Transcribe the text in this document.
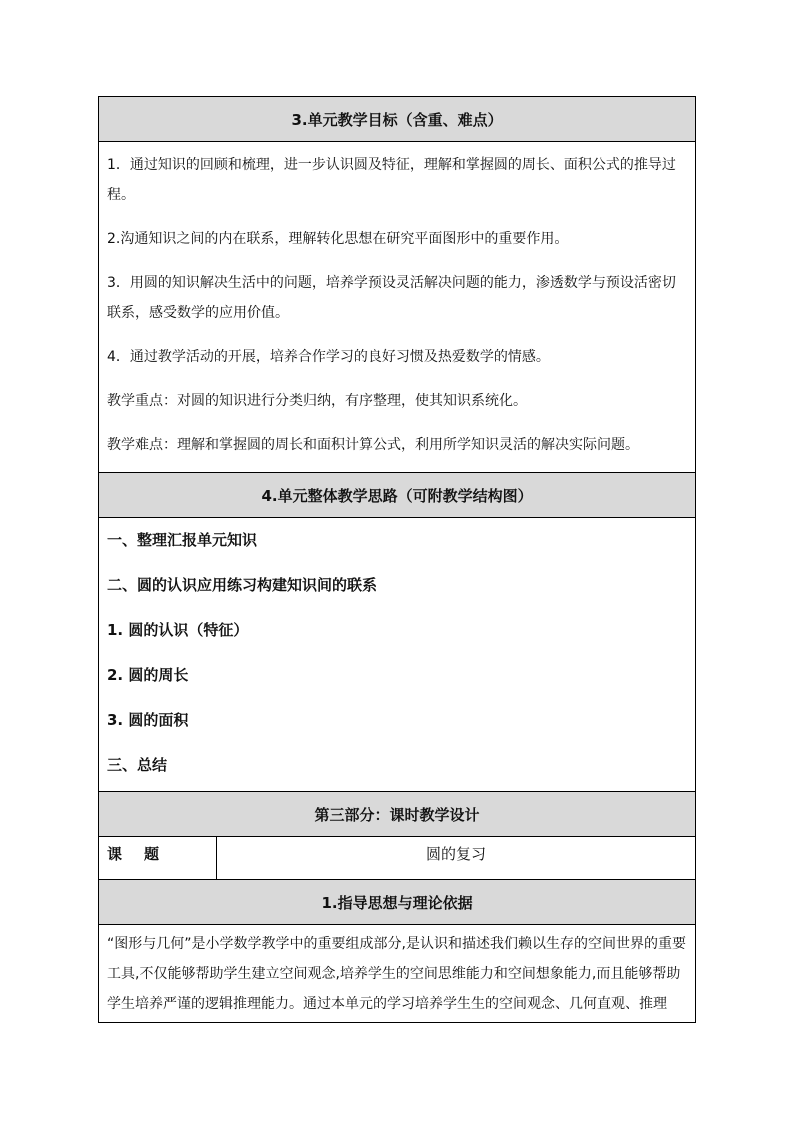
3.单元教学目标（含重、难点）

1．通过知识的回顾和梳理，进一步认识圆及特征，理解和掌握圆的周长、面积公式的推导过程。

2.沟通知识之间的内在联系，理解转化思想在研究平面图形中的重要作用。

3．用圆的知识解决生活中的问题，培养学预设灵活解决问题的能力，渗透数学与预设活密切联系，感受数学的应用价值。

4．通过教学活动的开展，培养合作学习的良好习惯及热爱数学的情感。

教学重点：对圆的知识进行分类归纳，有序整理，使其知识系统化。

教学难点：理解和掌握圆的周长和面积计算公式，利用所学知识灵活的解决实际问题。

4.单元整体教学思路（可附教学结构图）

一、整理汇报单元知识

二、圆的认识应用练习构建知识间的联系

1. 圆的认识（特征）

2. 圆的周长

3. 圆的面积

三、总结

第三部分：课时教学设计
课 题	圆的复习
1.指导思想与理论依据

“图形与几何”是小学数学教学中的重要组成部分,是认识和描述我们赖以生存的空间世界的重要工具,不仅能够帮助学生建立空间观念,培养学生的空间思维能力和空间想象能力,而且能够帮助学生培养严谨的逻辑推理能力。通过本单元的学习培养学生生的空间观念、几何直观、推理
